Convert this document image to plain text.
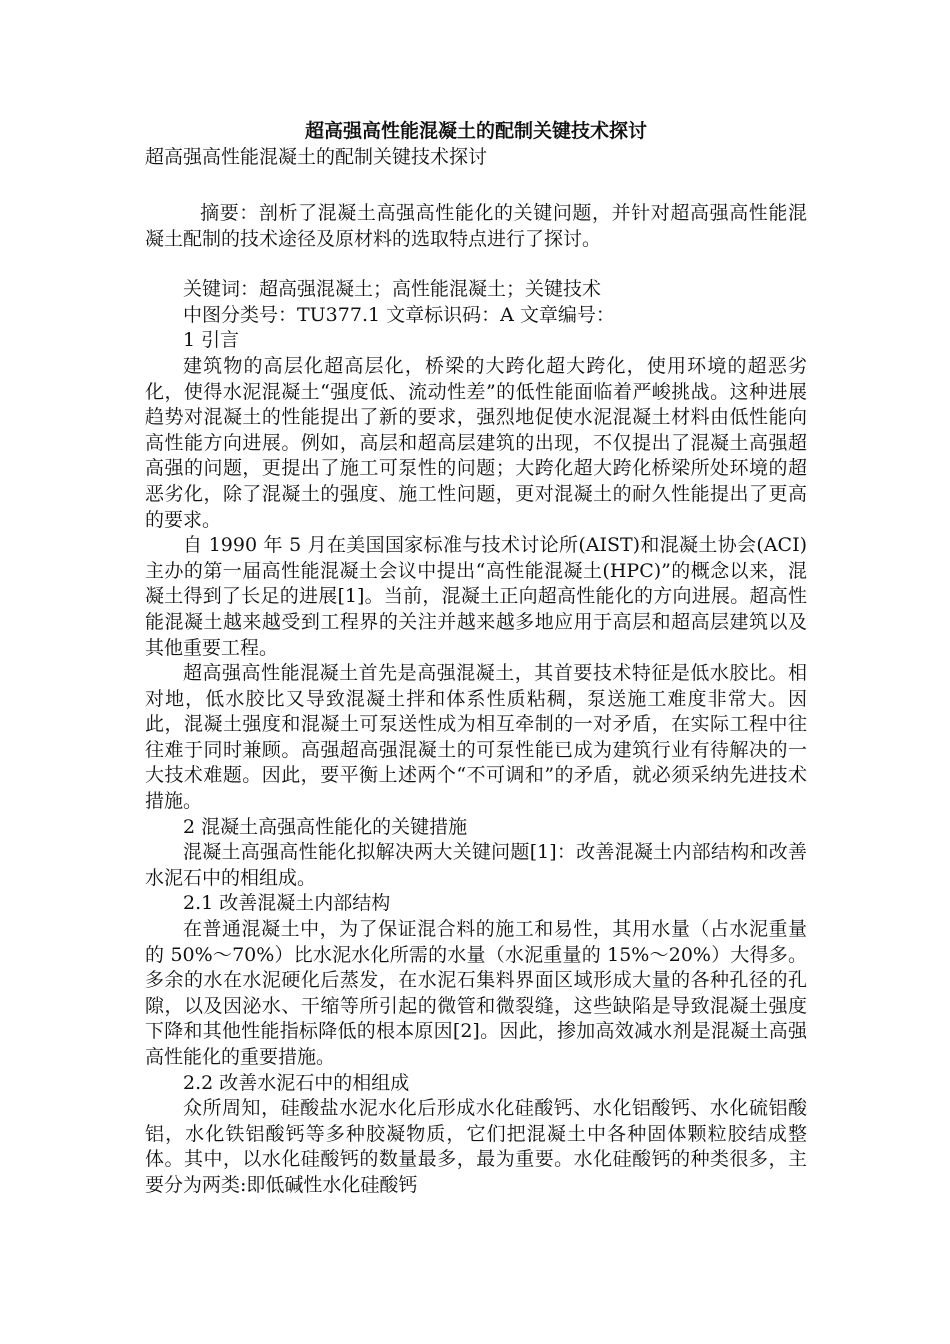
超高强高性能混凝土的配制关键技术探讨
超高强高性能混凝土的配制关键技术探讨

摘要：剖析了混凝土高强高性能化的关键问题，并针对超高强高性能混凝土配制的技术途径及原材料的选取特点进行了探讨。

关键词：超高强混凝土；高性能混凝土；关键技术

中图分类号：TU377.1 文章标识码：A 文章编号：

1 引言

建筑物的高层化超高层化，桥梁的大跨化超大跨化，使用环境的超恶劣化，使得水泥混凝土“强度低、流动性差”的低性能面临着严峻挑战。这种进展趋势对混凝土的性能提出了新的要求，强烈地促使水泥混凝土材料由低性能向高性能方向进展。例如，高层和超高层建筑的出现，不仅提出了混凝土高强超高强的问题，更提出了施工可泵性的问题；大跨化超大跨化桥梁所处环境的超恶劣化，除了混凝土的强度、施工性问题，更对混凝土的耐久性能提出了更高的要求。

自 1990 年 5 月在美国国家标准与技术讨论所(AIST)和混凝土协会(ACI) 主办的第一届高性能混凝土会议中提出“高性能混凝土(HPC)”的概念以来，混凝土得到了长足的进展[1]。当前，混凝土正向超高性能化的方向进展。超高性能混凝土越来越受到工程界的关注并越来越多地应用于高层和超高层建筑以及其他重要工程。

超高强高性能混凝土首先是高强混凝土，其首要技术特征是低水胶比。相对地，低水胶比又导致混凝土拌和体系性质粘稠，泵送施工难度非常大。因此，混凝土强度和混凝土可泵送性成为相互牵制的一对矛盾，在实际工程中往往难于同时兼顾。高强超高强混凝土的可泵性能已成为建筑行业有待解决的一大技术难题。因此，要平衡上述两个“不可调和”的矛盾，就必须采纳先进技术措施。

2 混凝土高强高性能化的关键措施

混凝土高强高性能化拟解决两大关键问题[1]：改善混凝土内部结构和改善水泥石中的相组成。

2.1 改善混凝土内部结构

在普通混凝土中，为了保证混合料的施工和易性，其用水量（占水泥重量的 50%～70%）比水泥水化所需的水量（水泥重量的 15%～20%）大得多。多余的水在水泥硬化后蒸发，在水泥石集料界面区域形成大量的各种孔径的孔隙，以及因泌水、干缩等所引起的微管和微裂缝，这些缺陷是导致混凝土强度下降和其他性能指标降低的根本原因[2]。因此，掺加高效减水剂是混凝土高强高性能化的重要措施。

2.2 改善水泥石中的相组成

众所周知，硅酸盐水泥水化后形成水化硅酸钙、水化铝酸钙、水化硫铝酸铝，水化铁铝酸钙等多种胶凝物质，它们把混凝土中各种固体颗粒胶结成整体。其中，以水化硅酸钙的数量最多，最为重要。水化硅酸钙的种类很多，主要分为两类:即低碱性水化硅酸钙
